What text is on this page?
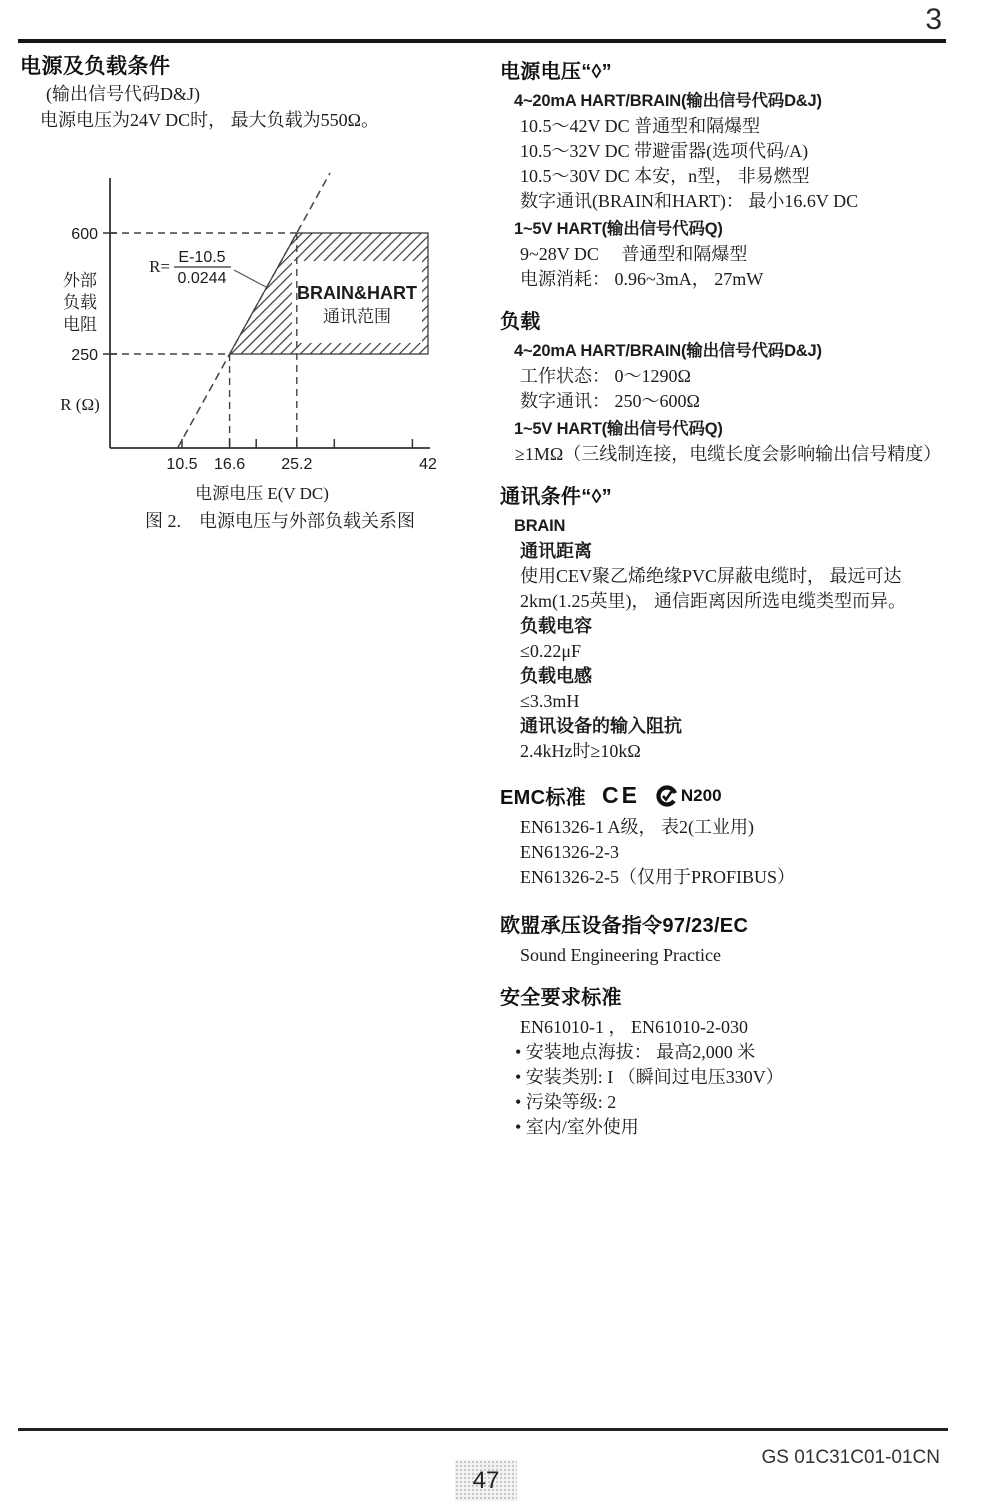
3
电源及负载条件
(输出信号代码D&J)
电源电压为24V DC时， 最大负载为550Ω。
BRAIN&HART
通讯范围
600
250
10.5 16.6 25.2	42
外部
负载
电阻
R (Ω)
R= E-10.5
0.0244
电源电压 E(V DC)
图 2.　电源电压与外部负载关系图
电源电压“◊”
4~20mA HART/BRAIN(输出信号代码D&J)
10.5～42V DC 普通型和隔爆型
10.5～32V DC 带避雷器(选项代码/A)
10.5～30V DC 本安，n型， 非易燃型
数字通讯(BRAIN和HART)： 最小16.6V DC
1~5V HART(输出信号代码Q)
9~28V DC　 普通型和隔爆型
电源消耗： 0.96~3mA， 27mW
负载
4~20mA HART/BRAIN(输出信号代码D&J)
工作状态： 0～1290Ω
数字通讯： 250～600Ω
1~5V HART(输出信号代码Q)
≥1MΩ（三线制连接，电缆长度会影响输出信号精度）
通讯条件“◊”
BRAIN
通讯距离
使用CEV聚乙烯绝缘PVC屏蔽电缆时， 最远可达
2km(1.25英里)， 通信距离因所选电缆类型而异。
负载电容
≤0.22μF
负载电感
≤3.3mH
通讯设备的输入阻抗
2.4kHz时≥10kΩ
EMC标准 CE N200
EN61326-1 A级， 表2(工业用)
EN61326-2-3
EN61326-2-5（仅用于PROFIBUS）
欧盟承压设备指令97/23/EC
Sound Engineering Practice
安全要求标准
EN61010-1 ， EN61010-2-030
• 安装地点海拔： 最高2,000 米
• 安装类别: I （瞬间过电压330V）
• 污染等级: 2
• 室内/室外使用
GS 01C31C01-01CN
47
